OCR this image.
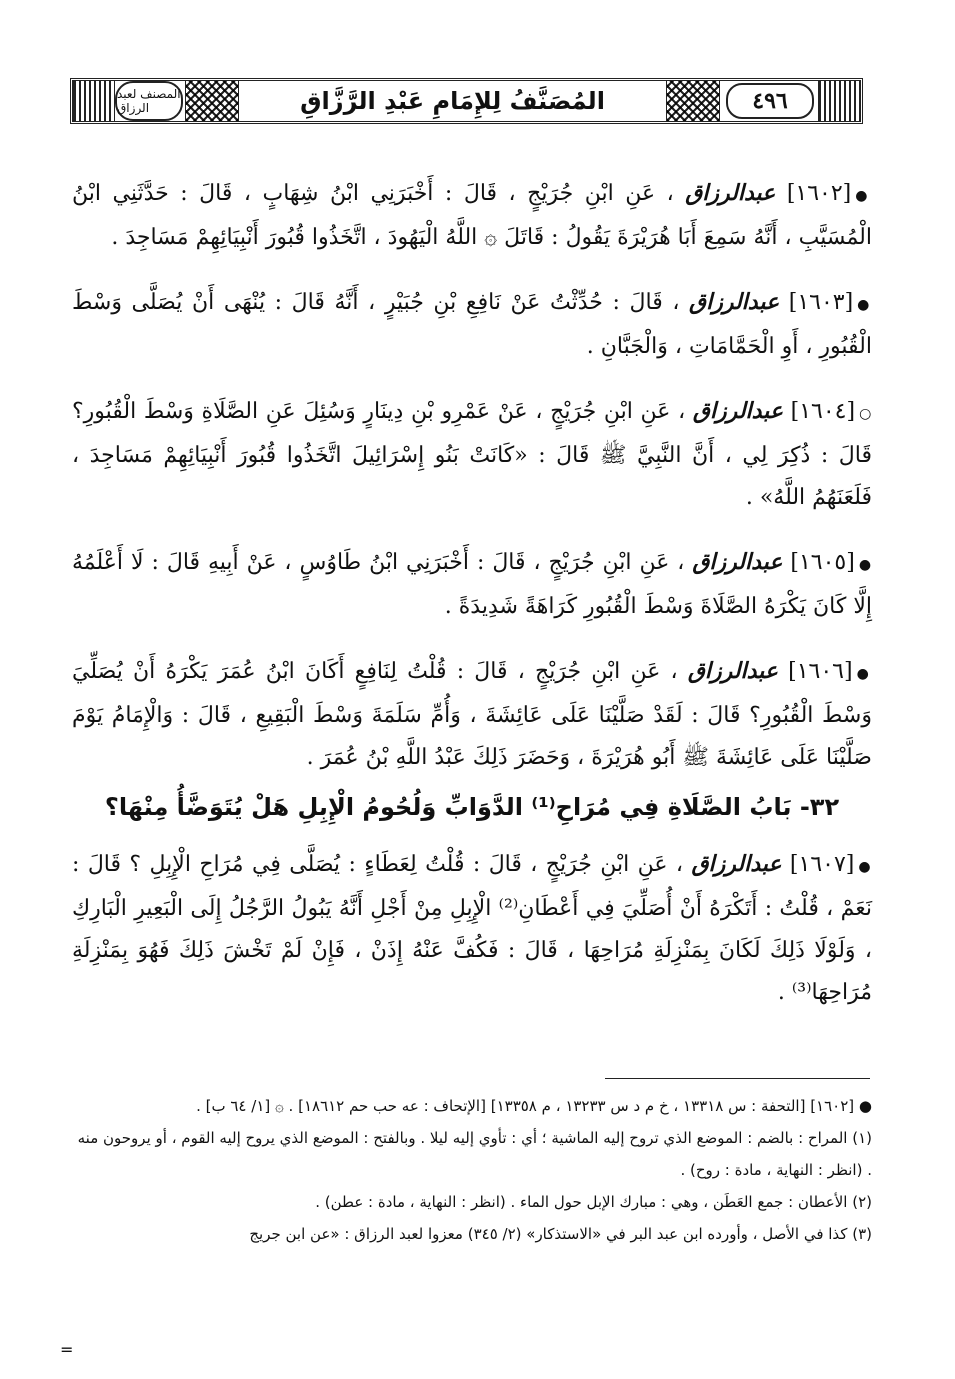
المصنف لعبد الرزاق	المُصَنَّفُ لِلإِمَامِ عَبْدِ الرَّزَّاقِ	٤٩٦

●[١٦٠٢] عبدالرزاق ، عَنِ ابْنِ جُرَيْجٍ ، قَالَ : أَخْبَرَنِي ابْنُ شِهَابٍ ، قَالَ : حَدَّثَنِي ابْنُ الْمُسَيَّبِ ، أَنَّهُ سَمِعَ أَبَا هُرَيْرَةَ يَقُولُ : قَاتَلَ ۞ اللَّهُ الْيَهُودَ ، اتَّخَذُوا قُبُورَ أَنْبِيَائِهِمْ مَسَاجِدَ .

●[١٦٠٣] عبدالرزاق ، قَالَ : حُدِّثْتُ عَنْ نَافِعِ بْنِ جُبَيْرٍ ، أَنَّهُ قَالَ : يُنْهَى أَنْ يُصَلَّى وَسْطَ الْقُبُورِ ، أَوِ الْحَمَّامَاتِ ، وَالْجَبَّانِ .

○[١٦٠٤] عبدالرزاق ، عَنِ ابْنِ جُرَيْجٍ ، عَنْ عَمْرِو بْنِ دِينَارٍ وَسُئِلَ عَنِ الصَّلَاةِ وَسْطَ الْقُبُورِ؟ قَالَ : ذُكِرَ لِي ، أَنَّ النَّبِيَّ ﷺ قَالَ : «كَانَتْ بَنُو إِسْرَائِيلَ اتَّخَذُوا قُبُورَ أَنْبِيَائِهِمْ مَسَاجِدَ ، فَلَعَنَهُمُ اللَّهُ» .

●[١٦٠٥] عبدالرزاق ، عَنِ ابْنِ جُرَيْجٍ ، قَالَ : أَخْبَرَنِي ابْنُ طَاوُسٍ ، عَنْ أَبِيهِ قَالَ : لَا أَعْلَمُهُ إِلَّا كَانَ يَكْرَهُ الصَّلَاةَ وَسْطَ الْقُبُورِ كَرَاهَةً شَدِيدَةً .

●[١٦٠٦] عبدالرزاق ، عَنِ ابْنِ جُرَيْجٍ ، قَالَ : قُلْتُ لِنَافِعٍ أَكَانَ ابْنُ عُمَرَ يَكْرَهُ أَنْ يُصَلِّيَ وَسْطَ الْقُبُورِ؟ قَالَ : لَقَدْ صَلَّيْنَا عَلَى عَائِشَةَ ، وَأُمِّ سَلَمَةَ وَسْطَ الْبَقِيعِ ، قَالَ : وَالْإِمَامُ يَوْمَ صَلَّيْنَا عَلَى عَائِشَةَ ﷺ أَبُو هُرَيْرَةَ ، وَحَضَرَ ذَلِكَ عَبْدُ اللَّهِ بْنُ عُمَرَ .

٣٢- بَابُ الصَّلَاةِ فِي مُرَاحِ⁽¹⁾ الدَّوَابِّ وَلُحُومُ الْإِبِلِ هَلْ يُتَوَضَّأُ مِنْهَا؟

●[١٦٠٧] عبدالرزاق ، عَنِ ابْنِ جُرَيْجٍ ، قَالَ : قُلْتُ لِعَطَاءٍ : يُصَلَّى فِي مُرَاحِ الْإِبِلِ ؟ قَالَ : نَعَمْ ، قُلْتُ : أَتَكْرَهُ أَنْ أُصَلِّيَ فِي أَعْطَانِ⁽²⁾ الْإِبِلِ مِنْ أَجْلِ أَنَّهُ يَبُولُ الرَّجُلُ إِلَى الْبَعِيرِ الْبَارِكِ ، وَلَوْلَا ذَلِكَ لَكَانَ بِمَنْزِلَةِ مُرَاحِهَا ، قَالَ : فَكُفَّ عَنْهُ إِذَنْ ، فَإِنْ لَمْ تَخْشَ ذَلِكَ فَهُوَ بِمَنْزِلَةِ مُرَاحِهَا⁽³⁾ .

● [١٦٠٢] [التحفة : س ١٣٣١٨ ، خ م د س ١٣٢٣٣ ، م ١٣٣٥٨] [الإتحاف : عه حب حم ١٨٦١٢] . ۞ [١/ ٦٤ ب] .

(١) المراح : بالضم : الموضع الذي تروح إليه الماشية ؛ أي : تأوي إليه ليلا . وبالفتح : الموضع الذي يروح إليه القوم ، أو يروحون منه . (انظر : النهاية ، مادة : روح) .

(٢) الأعطان : جمع العَطَن ، وهي : مبارك الإبل حول الماء . (انظر : النهاية ، مادة : عطن) .

(٣) كذا في الأصل ، وأورده ابن عبد البر في «الاستذكار» (٢/ ٣٤٥) معزوا لعبد الرزاق : «عن ابن جريج

=
